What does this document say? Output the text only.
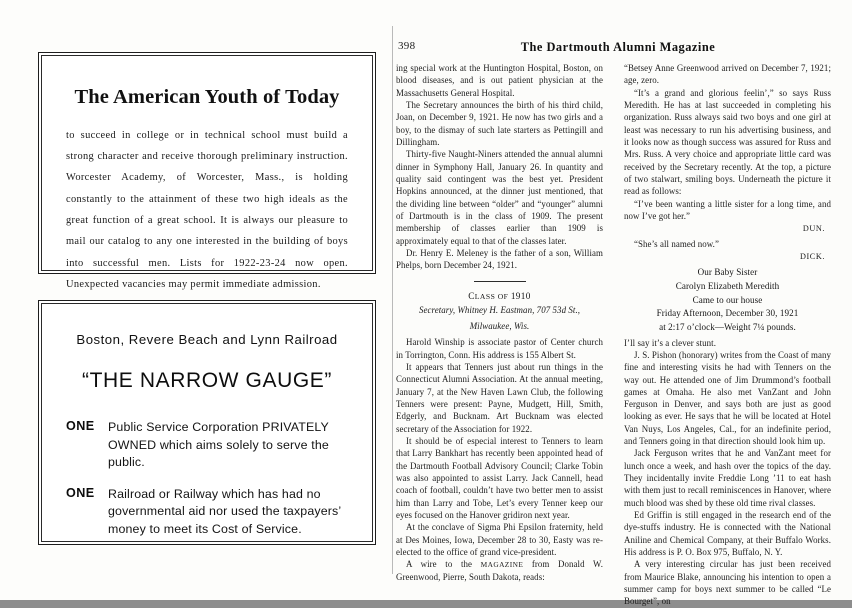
The American Youth of Today
to succeed in college or in technical school must build a strong character and receive thorough preliminary instruction. Worcester Academy, of Worcester, Mass., is holding constantly to the attainment of these two high ideals as the great function of a great school. It is always our pleasure to mail our catalog to any one interested in the building of boys into successful men. Lists for 1922-23-24 now open. Unexpected vacancies may permit immediate admission.
Boston, Revere Beach and Lynn Railroad
“THE NARROW GAUGE”
ONE	Public Service Corporation PRIVATELY OWNED which aims solely to serve the public.
ONE	Railroad or Railway which has had no governmental aid nor used the taxpayers’ money to meet its Cost of Service.
398	The Dartmouth Alumni Magazine

ing special work at the Huntington Hospital, Boston, on blood diseases, and is out patient physician at the Massachusetts General Hospital.

The Secretary announces the birth of his third child, Joan, on December 9, 1921. He now has two girls and a boy, to the dismay of such late starters as Pettingill and Dillingham.

Thirty-five Naught-Niners attended the annual alumni dinner in Symphony Hall, January 26. In quantity and quality said contingent was the best yet. President Hopkins announced, at the dinner just mentioned, that the dividing line between “older” and “younger” alumni of Dartmouth is in the class of 1909. The present membership of classes earlier than 1909 is approximately equal to that of the classes later.

Dr. Henry E. Meleney is the father of a son, William Phelps, born December 24, 1921.

CLASS OF 1910
Secretary, Whitney H. Eastman, 707 53d St.,
Milwaukee, Wis.

Harold Winship is associate pastor of Center church in Torrington, Conn. His address is 155 Albert St.

It appears that Tenners just about run things in the Connecticut Alumni Association. At the annual meeting, January 7, at the New Haven Lawn Club, the following Tenners were present: Payne, Mudgett, Hill, Smith, Edgerly, and Bucknam. Art Bucknam was elected secretary of the Association for 1922.

It should be of especial interest to Tenners to learn that Larry Bankhart has recently been appointed head of the Dartmouth Football Advisory Council; Clarke Tobin was also appointed to assist Larry. Jack Cannell, head coach of football, couldn’t have two better men to assist him than Larry and Tobe, Let’s every Tenner keep our eyes focused on the Hanover gridiron next year.

At the conclave of Sigma Phi Epsilon fraternity, held at Des Moines, Iowa, December 28 to 30, Easty was re-elected to the office of grand vice-president.

A wire to the MAGAZINE from Donald W. Greenwood, Pierre, South Dakota, reads:

“Betsey Anne Greenwood arrived on December 7, 1921; age, zero.

“It’s a grand and glorious feelin’,” so says Russ Meredith. He has at last succeeded in completing his organization. Russ always said two boys and one girl at least was necessary to run his advertising business, and it looks now as though success was assured for Russ and Mrs. Russ. A very choice and appropriate little card was received by the Secretary recently. At the top, a picture of two stalwart, smiling boys. Underneath the picture it read as follows:

“I’ve been wanting a little sister for a long time, and now I’ve got her.”

DUN.

“She’s all named now.”

DICK.
Our Baby Sister
Carolyn Elizabeth Meredith
Came to our house
Friday Afternoon, December 30, 1921
at 2:17 o’clock—Weight 7¼ pounds.

I’ll say it’s a clever stunt.

J. S. Pishon (honorary) writes from the Coast of many fine and interesting visits he had with Tenners on the way out. He attended one of Jim Drummond’s football games at Omaha. He also met VanZant and John Ferguson in Denver, and says both are just as good looking as ever. He says that he will be located at Hotel Van Nuys, Los Angeles, Cal., for an indefinite period, and Tenners going in that direction should look him up.

Jack Ferguson writes that he and VanZant meet for lunch once a week, and hash over the topics of the day. They incidentally invite Freddie Long ’11 to eat hash with them just to recall reminiscences in Hanover, where much blood was shed by these old time rival classes.

Ed Griffin is still engaged in the research end of the dye-stuffs industry. He is connected with the National Aniline and Chemical Company, at their Buffalo Works. His address is P. O. Box 975, Buffalo, N. Y.

A very interesting circular has just been received from Maurice Blake, announcing his intention to open a summer camp for boys next summer to be called “Le Bourget”, on
